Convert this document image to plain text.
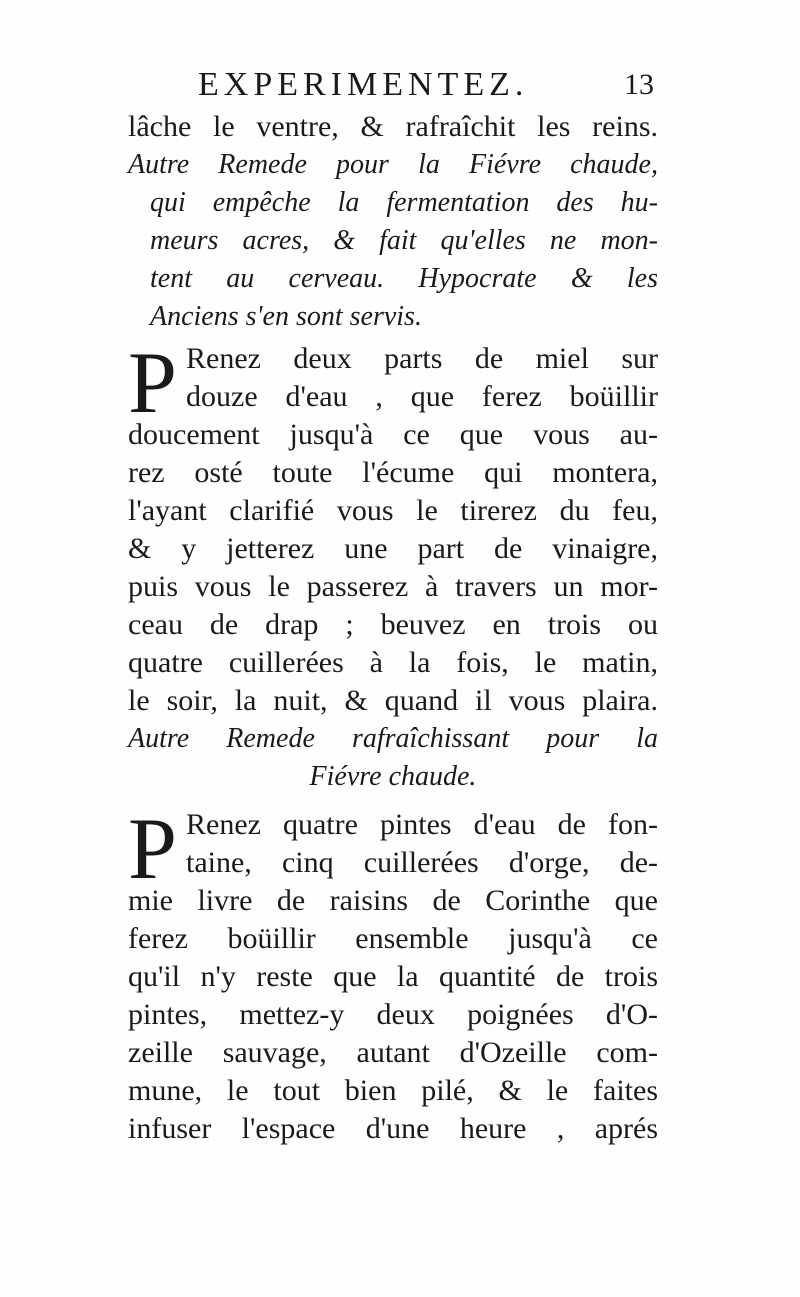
EXPERIMENTEZ.	13
lâche le ventre, & rafraîchit les reins.
Autre Remede pour la Fiévre chaude,
qui empêche la fermentation des hu-
meurs acres, & fait qu'elles ne mon-
tent au cerveau. Hypocrate & les
Anciens s'en sont servis.
P Renez deux parts de miel sur
douze d'eau , que ferez boüillir
doucement jusqu'à ce que vous au-
rez osté toute l'écume qui montera,
l'ayant clarifié vous le tirerez du feu,
& y jetterez une part de vinaigre,
puis vous le passerez à travers un mor-
ceau de drap ; beuvez en trois ou
quatre cuillerées à la fois, le matin,
le soir, la nuit, & quand il vous plaira.
Autre Remede rafraîchissant pour la
Fiévre chaude.
P Renez quatre pintes d'eau de fon-
taine, cinq cuillerées d'orge, de-
mie livre de raisins de Corinthe que
ferez boüillir ensemble jusqu'à ce
qu'il n'y reste que la quantité de trois
pintes, mettez-y deux poignées d'O-
zeille sauvage, autant d'Ozeille com-
mune, le tout bien pilé, & le faites
infuser l'espace d'une heure , aprés
